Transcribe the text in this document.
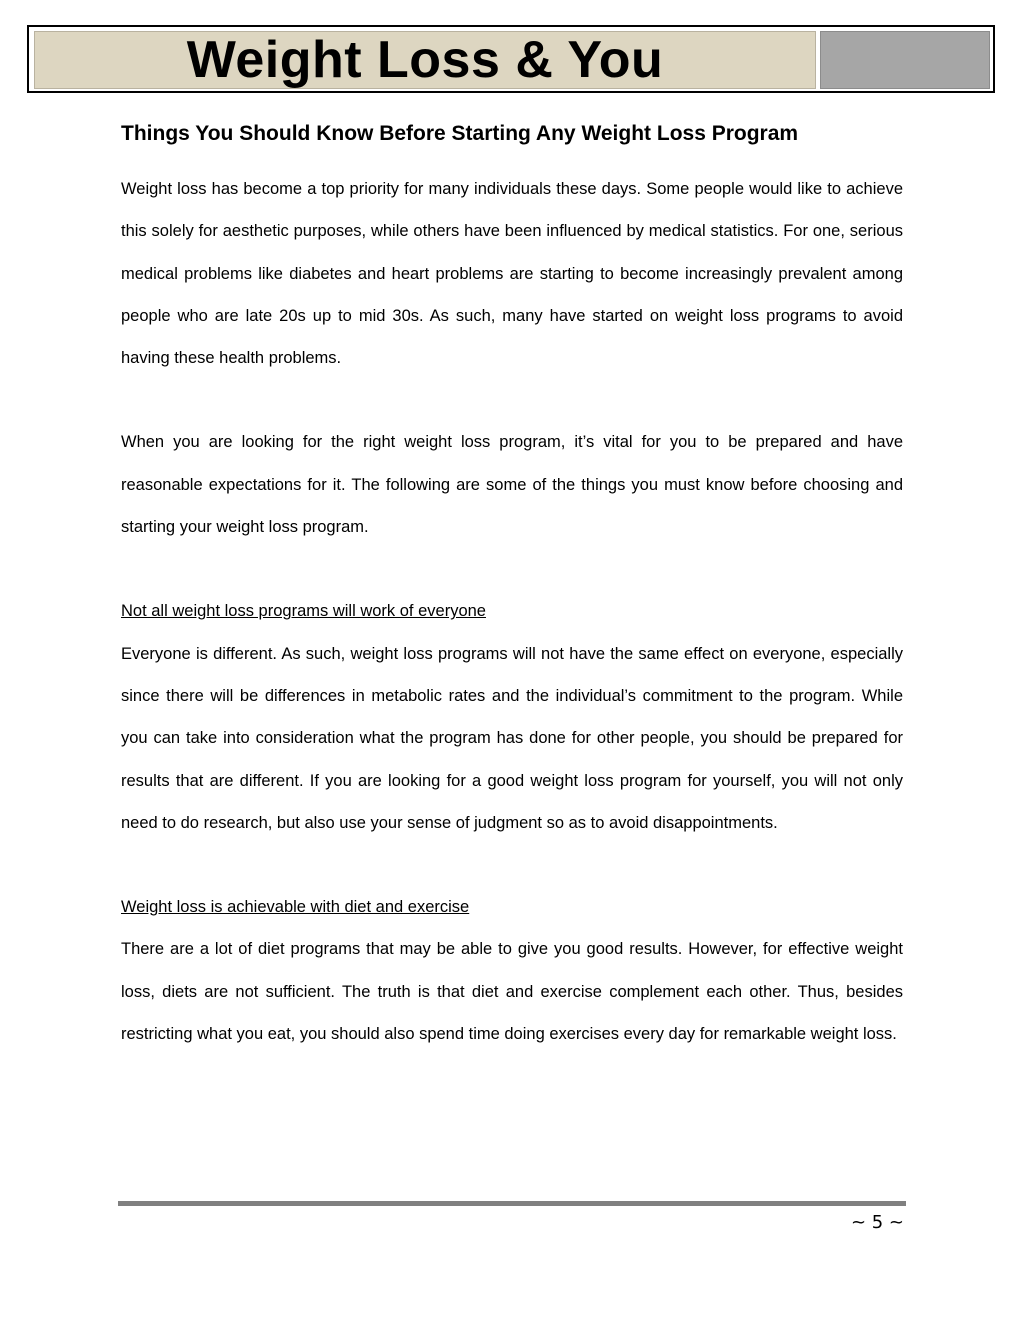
Weight Loss & You
Things You Should Know Before Starting Any Weight Loss Program

Weight loss has become a top priority for many individuals these days. Some people would like to achieve this solely for aesthetic purposes, while others have been influenced by medical statistics. For one, serious medical problems like diabetes and heart problems are starting to become increasingly prevalent among people who are late 20s up to mid 30s. As such, many have started on weight loss programs to avoid having these health problems.

When you are looking for the right weight loss program, it’s vital for you to be prepared and have reasonable expectations for it. The following are some of the things you must know before choosing and starting your weight loss program.

Not all weight loss programs will work of everyone

Everyone is different. As such, weight loss programs will not have the same effect on everyone, especially since there will be differences in metabolic rates and the individual’s commitment to the program. While you can take into consideration what the program has done for other people, you should be prepared for results that are different. If you are looking for a good weight loss program for yourself, you will not only need to do research, but also use your sense of judgment so as to avoid disappointments.

Weight loss is achievable with diet and exercise

There are a lot of diet programs that may be able to give you good results. However, for effective weight loss, diets are not sufficient. The truth is that diet and exercise complement each other. Thus, besides restricting what you eat, you should also spend time doing exercises every day for remarkable weight loss.

~ 5 ~
